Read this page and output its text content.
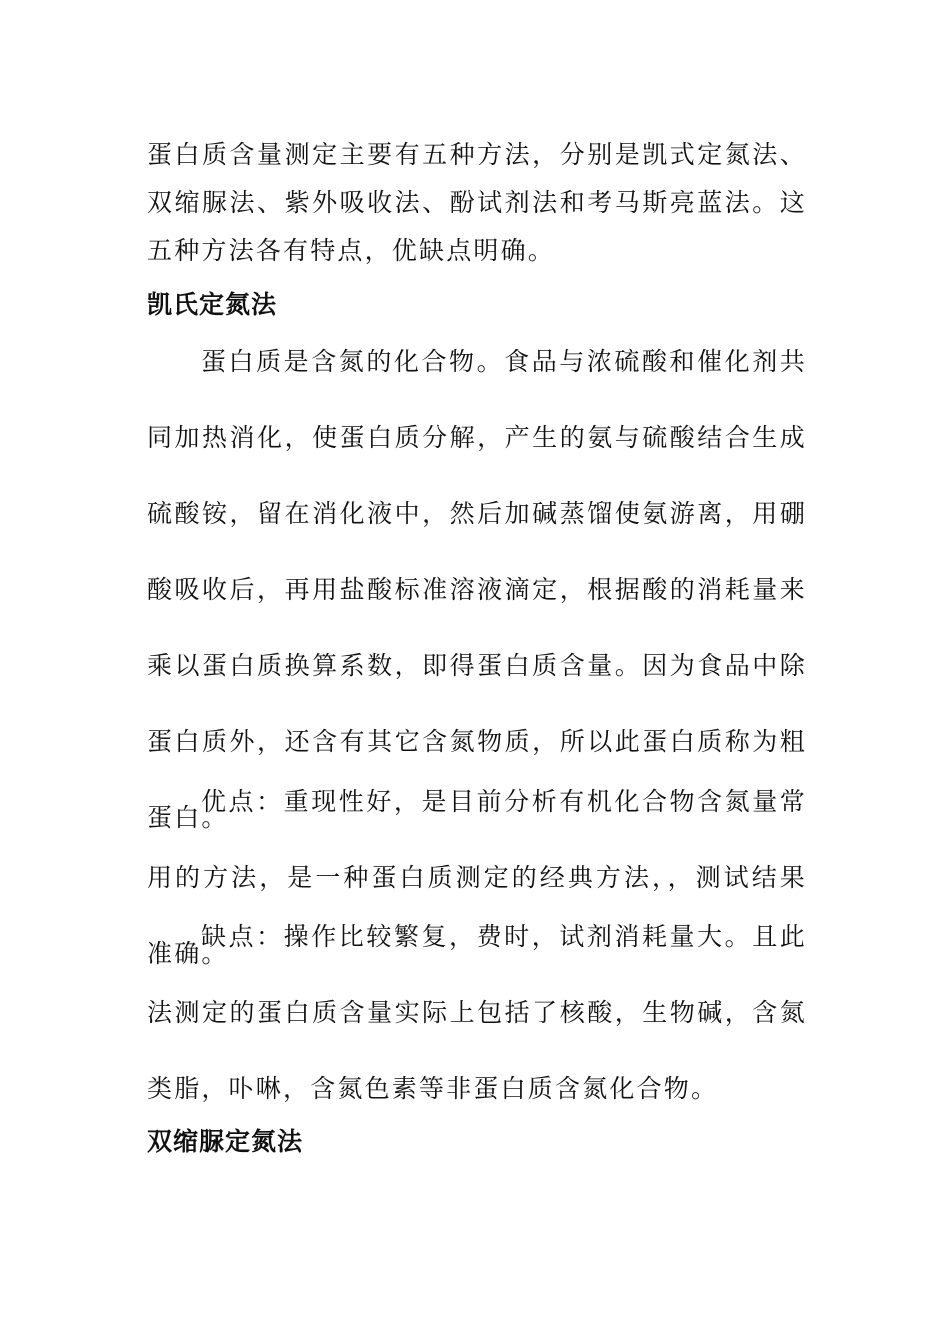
蛋白质含量测定主要有五种方法，分别是凯式定氮法、双缩脲法、紫外吸收法、酚试剂法和考马斯亮蓝法。这五种方法各有特点，优缺点明确。
凯氏定氮法
蛋白质是含氮的化合物。食品与浓硫酸和催化剂共同加热消化，使蛋白质分解，产生的氨与硫酸结合生成硫酸铵，留在消化液中，然后加碱蒸馏使氨游离，用硼酸吸收后，再用盐酸标准溶液滴定，根据酸的消耗量来乘以蛋白质换算系数，即得蛋白质含量。因为食品中除蛋白质外，还含有其它含氮物质，所以此蛋白质称为粗蛋白。
优点：重现性好，是目前分析有机化合物含氮量常用的方法，是一种蛋白质测定的经典方法，，测试结果准确。
缺点：操作比较繁复，费时，试剂消耗量大。且此法测定的蛋白质含量实际上包括了核酸，生物碱，含氮类脂，卟啉，含氮色素等非蛋白质含氮化合物。
双缩脲定氮法
